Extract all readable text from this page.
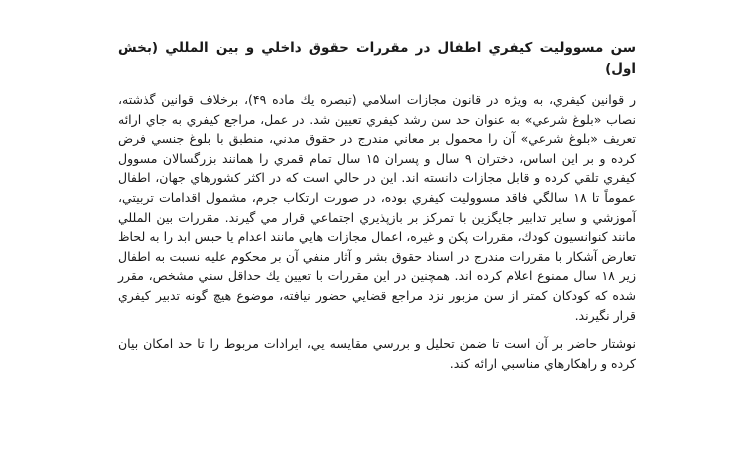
سن مسووليت كيفري اطفال در مقررات حقوق داخلي و بين المللي (بخش اول)
ر قوانين كيفري، به ويژه در قانون مجازات اسلامي (تبصره يك ماده ۴۹)، برخلاف قوانين گذشته، نصاب «بلوغ شرعي» به عنوان حد سن رشد كيفري تعيين شد. در عمل، مراجع كيفري به جاي ارائه تعريف «بلوغ شرعي» آن را محمول بر معاني مندرج در حقوق مدني، منطبق با بلوغ جنسي فرض كرده و بر اين اساس، دختران ۹ سال و پسران ۱۵ سال تمام قمري را همانند بزرگسالان مسوول كيفري تلقي كرده و قابل مجازات دانسته اند. اين در حالي است كه در اكثر كشورهاي جهان، اطفال عموماً تا ۱۸ سالگي فاقد مسووليت كيفري بوده، در صورت ارتكاب جرم، مشمول اقدامات تربيتي، آموزشي و ساير تدابير جايگزين با تمركز بر بازپذيري اجتماعي قرار مي گيرند. مقررات بين المللي مانند كنوانسيون كودك، مقررات پكن و غيره، اعمال مجازات هايي مانند اعدام يا حبس ابد را به لحاظ تعارض آشكار با مقررات مندرج در اسناد حقوق بشر و آثار منفي آن بر محكوم عليه نسبت به اطفال زير ۱۸ سال ممنوع اعلام كرده اند. همچنين در اين مقررات با تعيين يك حداقل سني مشخص، مقرر شده كه كودكان كمتر از سن مزبور نزد مراجع قضايي حضور نيافته، موضوع هيچ گونه تدبير كيفري قرار نگيرند.
نوشتار حاضر بر آن است تا ضمن تحليل و بررسي مقايسه يي، ايرادات مربوط را تا حد امكان بيان كرده و راهكارهاي مناسبي ارائه كند.
